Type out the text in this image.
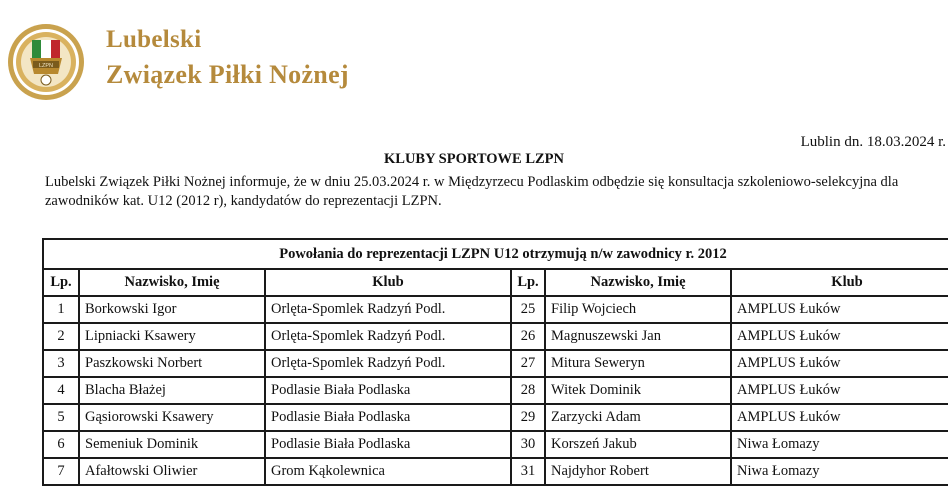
LZPN
Lubelski
Związek Piłki Nożnej
Lublin dn. 18.03.2024 r.
KLUBY SPORTOWE LZPN
Lubelski Związek Piłki Nożnej informuje, że w dniu 25.03.2024 r. w Międzyrzecu Podlaskim odbędzie się konsultacja szkoleniowo-selekcyjna dla zawodników kat. U12 (2012 r), kandydatów do reprezentacji LZPN.
Powołania do reprezentacji LZPN U12 otrzymują n/w zawodnicy r. 2012					
Lp.	Nazwisko, Imię	Klub	Lp.	Nazwisko, Imię	Klub
1	Borkowski Igor	Orlęta-Spomlek Radzyń Podl.	25	Filip Wojciech	AMPLUS Łuków
2	Lipniacki Ksawery	Orlęta-Spomlek Radzyń Podl.	26	Magnuszewski Jan	AMPLUS Łuków
3	Paszkowski Norbert	Orlęta-Spomlek Radzyń Podl.	27	Mitura Seweryn	AMPLUS Łuków
4	Blacha Błażej	Podlasie Biała Podlaska	28	Witek Dominik	AMPLUS Łuków
5	Gąsiorowski Ksawery	Podlasie Biała Podlaska	29	Zarzycki Adam	AMPLUS Łuków
6	Semeniuk Dominik	Podlasie Biała Podlaska	30	Korszeń Jakub	Niwa Łomazy
7	Afałtowski Oliwier	Grom Kąkolewnica	31	Najdyhor Robert	Niwa Łomazy
